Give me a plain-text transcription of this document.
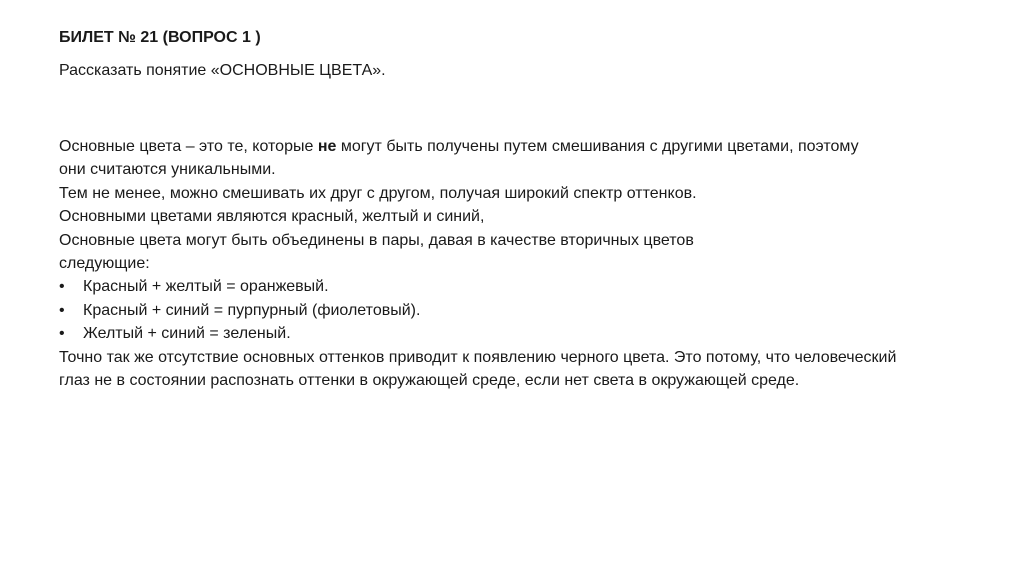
БИЛЕТ № 21 (ВОПРОС 1 )
Рассказать понятие «ОСНОВНЫЕ ЦВЕТА».
Основные цвета – это те, которые не могут быть получены путем смешивания с другими цветами, поэтому
они считаются уникальными.
Тем не менее, можно смешивать их друг с другом, получая широкий спектр оттенков.
Основными цветами являются красный, желтый и синий,
Основные цвета могут быть объединены в пары, давая в качестве вторичных цветов
следующие:
• Красный + желтый = оранжевый.
• Красный + синий = пурпурный (фиолетовый).
• Желтый + синий = зеленый.
Точно так же отсутствие основных оттенков приводит к появлению черного цвета. Это потому, что человеческий
глаз не в состоянии распознать оттенки в окружающей среде, если нет света в окружающей среде.
